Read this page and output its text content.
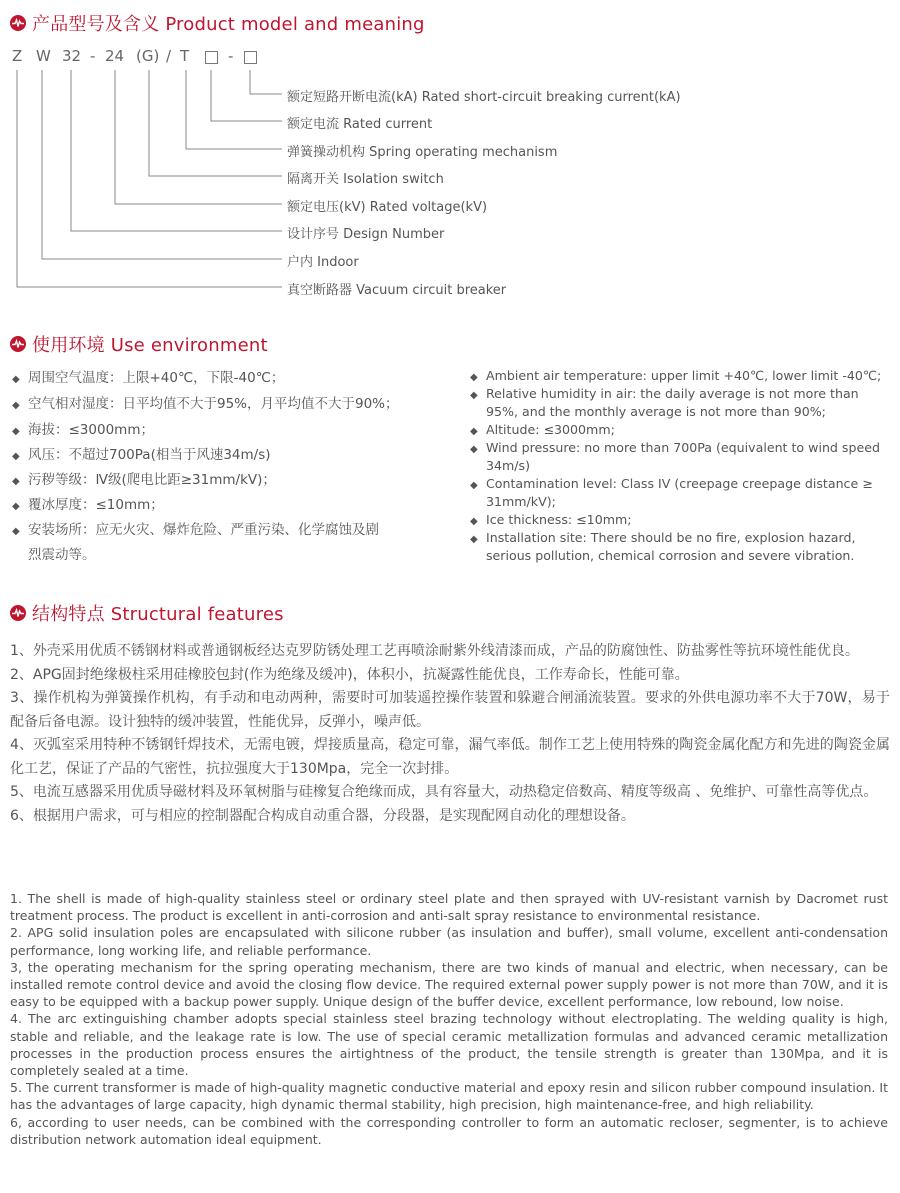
产品型号及含义 Product model and meaning
Z W 32 - 24 (G) / T	-
额定短路开断电流(kA) Rated short-circuit breaking current(kA)
额定电流 Rated current
弹簧操动机构 Spring operating mechanism
隔离开关 Isolation switch
额定电压(kV) Rated voltage(kV)
设计序号 Design Number
户内 Indoor
真空断路器 Vacuum circuit breaker
使用环境 Use environment
◆ 周围空气温度：上限+40℃，下限-40℃；
◆ 空气相对湿度：日平均值不大于95%，月平均值不大于90%；
◆ 海拔：≤3000mm；
◆ 风压：不超过700Pa(相当于风速34m/s)
◆ 污秽等级：Ⅳ级(爬电比距≥31mm/kV)；
◆ 覆冰厚度：≤10mm；
◆ 安装场所：应无火灾、爆炸危险、严重污染、化学腐蚀及剧
烈震动等。
◆ Ambient air temperature: upper limit +40℃, lower limit -40℃;
◆ Relative humidity in air: the daily average is not more than 95%, and the monthly average is not more than 90%;
◆ Altitude: ≤3000mm;
◆ Wind pressure: no more than 700Pa (equivalent to wind speed 34m/s)
◆ Contamination level: Class IV (creepage creepage distance ≥ 31mm/kV);
◆ Ice thickness: ≤10mm;
◆ Installation site: There should be no fire, explosion hazard, serious pollution, chemical corrosion and severe vibration.
结构特点 Structural features

1、外壳采用优质不锈钢材料或普通钢板经达克罗防锈处理工艺再喷涂耐紫外线清漆而成，产品的防腐蚀性、防盐雾性等抗环境性能优良。

2、APG固封绝缘极柱采用硅橡胶包封(作为绝缘及缓冲)，体积小，抗凝露性能优良，工作寿命长，性能可靠。

3、操作机构为弹簧操作机构，有手动和电动两种，需要时可加装遥控操作装置和躲避合闸涌流装置。要求的外供电源功率不大于70W，易于配备后备电源。设计独特的缓冲装置，性能优异，反弹小，噪声低。

4、灭弧室采用特种不锈钢钎焊技术，无需电镀，焊接质量高，稳定可靠，漏气率低。制作工艺上使用特殊的陶瓷金属化配方和先进的陶瓷金属化工艺，保证了产品的气密性，抗拉强度大于130Mpa，完全一次封排。

5、电流互感器采用优质导磁材料及环氧树脂与硅橡复合绝缘而成，具有容量大，动热稳定倍数高、精度等级高 、免维护、可靠性高等优点。

6、根据用户需求，可与相应的控制器配合构成自动重合器，分段器，是实现配网自动化的理想设备。

1. The shell is made of high-quality stainless steel or ordinary steel plate and then sprayed with UV-resistant varnish by Dacromet rust treatment process. The product is excellent in anti-corrosion and anti-salt spray resistance to environmental resistance.

2. APG solid insulation poles are encapsulated with silicone rubber (as insulation and buffer), small volume, excellent anti-condensation performance, long working life, and reliable performance.

3, the operating mechanism for the spring operating mechanism, there are two kinds of manual and electric, when necessary, can be installed remote control device and avoid the closing flow device. The required external power supply power is not more than 70W, and it is easy to be equipped with a backup power supply. Unique design of the buffer device, excellent performance, low rebound, low noise.

4. The arc extinguishing chamber adopts special stainless steel brazing technology without electroplating. The welding quality is high, stable and reliable, and the leakage rate is low. The use of special ceramic metallization formulas and advanced ceramic metallization processes in the production process ensures the airtightness of the product, the tensile strength is greater than 130Mpa, and it is completely sealed at a time.

5. The current transformer is made of high-quality magnetic conductive material and epoxy resin and silicon rubber compound insulation. It has the advantages of large capacity, high dynamic thermal stability, high precision, high maintenance-free, and high reliability.

6, according to user needs, can be combined with the corresponding controller to form an automatic recloser, segmenter, is to achieve distribution network automation ideal equipment.
